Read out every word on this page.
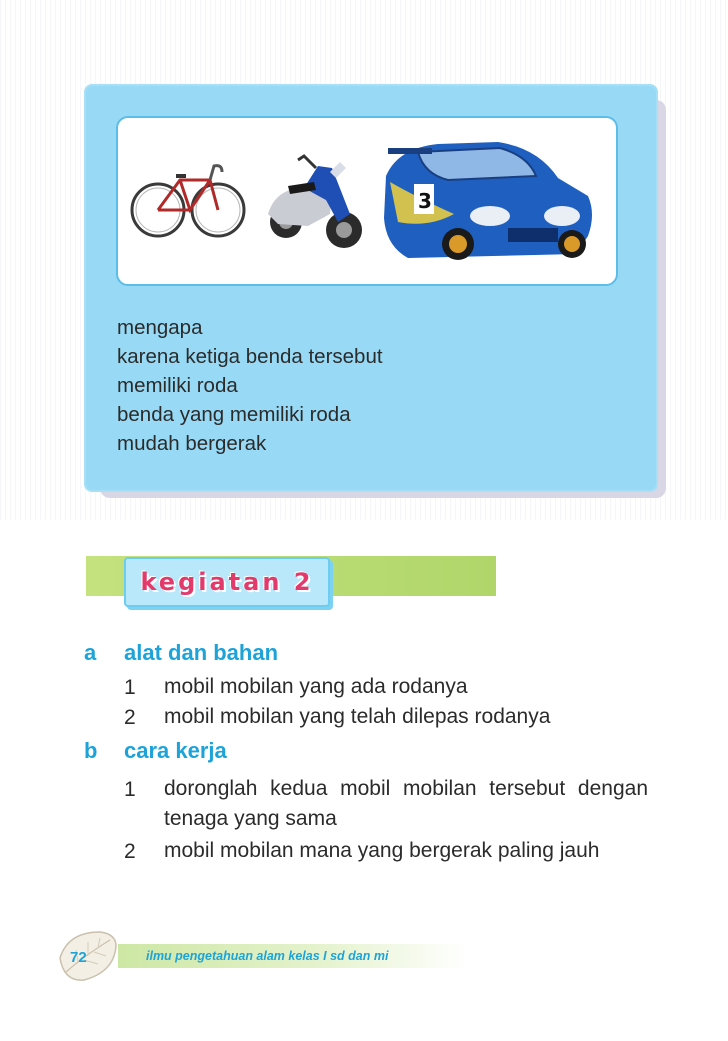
3
mengapa
karena ketiga benda tersebut
memiliki roda
benda yang memiliki roda
mudah bergerak
kegiatan 2
a alat dan bahan
1 mobil mobilan yang ada rodanya
2 mobil mobilan yang telah dilepas rodanya
b cara kerja
1 doronglah kedua mobil mobilan tersebut dengan tenaga yang sama
2 mobil mobilan mana yang bergerak paling jauh
72	ilmu pengetahuan alam kelas I sd dan mi
